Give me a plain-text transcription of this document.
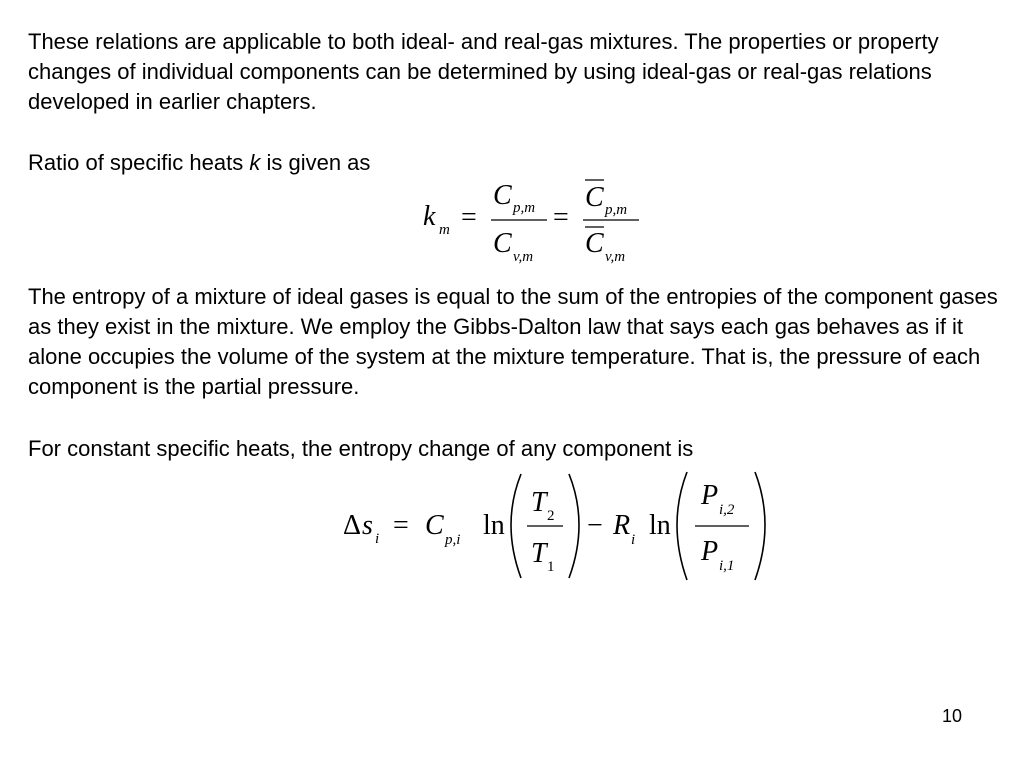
These relations are applicable to both ideal- and real-gas mixtures. The properties or property changes of individual components can be determined by using ideal-gas or real-gas relations developed in earlier chapters.

Ratio of specific heats k is given as

k m =
C p,m
C v,m
=
C p,m
C v,m

The entropy of a mixture of ideal gases is equal to the sum of the entropies of the component gases as they exist in the mixture. We employ the Gibbs-Dalton law that says each gas behaves as if it alone occupies the volume of the system at the mixture temperature. That is, the pressure of each component is the partial pressure.

For constant specific heats, the entropy change of any component is

Δ s i = C p,i ln
T 2
T 1
− R i ln
P i,2
P i,1
10
